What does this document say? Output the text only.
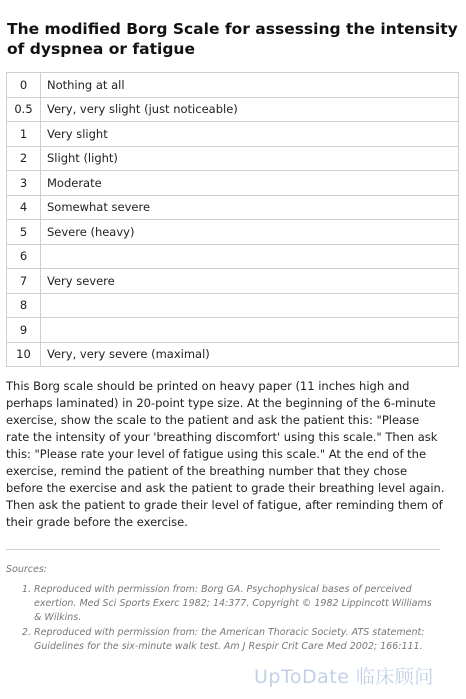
The modified Borg Scale for assessing the intensity of dyspnea or fatigue
0	Nothing at all
0.5	Very, very slight (just noticeable)
1	Very slight
2	Slight (light)
3	Moderate
4	Somewhat severe
5	Severe (heavy)
6	
7	Very severe
8	
9	
10	Very, very severe (maximal)
This Borg scale should be printed on heavy paper (11 inches high and perhaps laminated) in 20-point type size. At the beginning of the 6-minute exercise, show the scale to the patient and ask the patient this: "Please rate the intensity of your 'breathing discomfort' using this scale." Then ask this: "Please rate your level of fatigue using this scale." At the end of the exercise, remind the patient of the breathing number that they chose before the exercise and ask the patient to grade their breathing level again. Then ask the patient to grade their level of fatigue, after reminding them of their grade before the exercise.
Sources:
1. Reproduced with permission from: Borg GA. Psychophysical bases of perceived exertion. Med Sci Sports Exerc 1982; 14:377. Copyright © 1982 Lippincott Williams & Wilkins.
2. Reproduced with permission from: the American Thoracic Society. ATS statement: Guidelines for the six-minute walk test. Am J Respir Crit Care Med 2002; 166:111.
UpToDate 临床顾问
